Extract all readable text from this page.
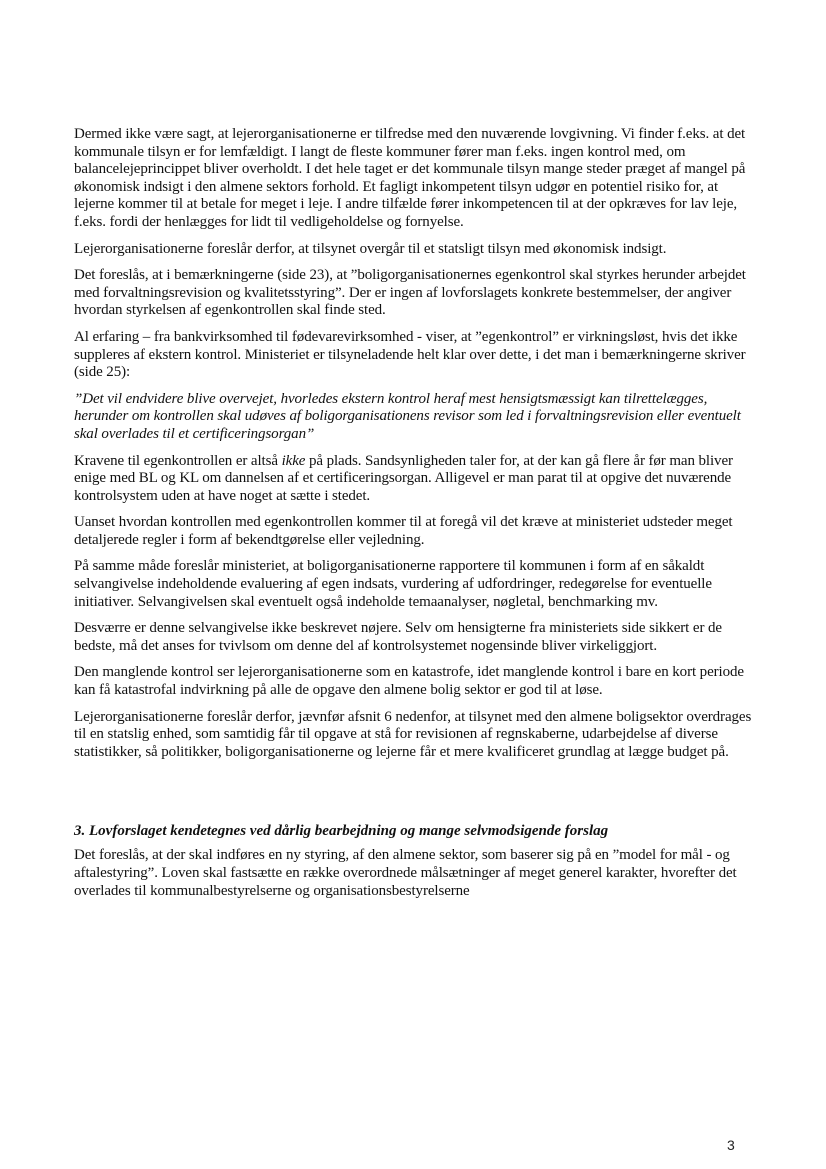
Dermed ikke være sagt, at lejerorganisationerne er tilfredse med den nuværende lovgivning. Vi finder f.eks. at det kommunale tilsyn er for lemfældigt. I langt de fleste kommuner fører man f.eks. ingen kontrol med, om balancelejeprincippet bliver overholdt. I det hele taget er det kommunale tilsyn mange steder præget af mangel på økonomisk indsigt i den almene sektors forhold. Et fagligt inkompetent tilsyn udgør en potentiel risiko for, at lejerne kommer til at betale for meget i leje. I andre tilfælde fører inkompetencen til at der opkræves for lav leje, f.eks. fordi der henlægges for lidt til vedligeholdelse og fornyelse.

Lejerorganisationerne foreslår derfor, at tilsynet overgår til et statsligt tilsyn med økonomisk indsigt.

Det foreslås, at i bemærkningerne (side 23), at ”boligorganisationernes egenkontrol skal styrkes herunder arbejdet med forvaltningsrevision og kvalitetsstyring”. Der er ingen af lovforslagets konkrete bestemmelser, der angiver hvordan styrkelsen af egenkontrollen skal finde sted.

Al erfaring – fra bankvirksomhed til fødevarevirksomhed - viser, at ”egenkontrol” er virkningsløst, hvis det ikke suppleres af ekstern kontrol. Ministeriet er tilsyneladende helt klar over dette, i det man i bemærkningerne skriver (side 25):

”Det vil endvidere blive overvejet, hvorledes ekstern kontrol heraf mest hensigtsmæssigt kan tilrettelægges, herunder om kontrollen skal udøves af boligorganisationens revisor som led i forvaltningsrevision eller eventuelt skal overlades til et certificeringsorgan”

Kravene til egenkontrollen er altså ikke på plads. Sandsynligheden taler for, at der kan gå flere år før man bliver enige med BL og KL om dannelsen af et certificeringsorgan. Alligevel er man parat til at opgive det nuværende kontrolsystem uden at have noget at sætte i stedet.

Uanset hvordan kontrollen med egenkontrollen kommer til at foregå vil det kræve at ministeriet udsteder meget detaljerede regler i form af bekendtgørelse eller vejledning.

På samme måde foreslår ministeriet, at boligorganisationerne rapportere til kommunen i form af en såkaldt selvangivelse indeholdende evaluering af egen indsats, vurdering af udfordringer, redegørelse for eventuelle initiativer. Selvangivelsen skal eventuelt også indeholde temaanalyser, nøgletal, benchmarking mv.

Desværre er denne selvangivelse ikke beskrevet nøjere. Selv om hensigterne fra ministeriets side sikkert er de bedste, må det anses for tvivlsom om denne del af kontrolsystemet nogensinde bliver virkeliggjort.

Den manglende kontrol ser lejerorganisationerne som en katastrofe, idet manglende kontrol i bare en kort periode kan få katastrofal indvirkning på alle de opgave den almene bolig sektor er god til at løse.

Lejerorganisationerne foreslår derfor, jævnfør afsnit 6 nedenfor, at tilsynet med den almene boligsektor overdrages til en statslig enhed, som samtidig får til opgave at stå for revisionen af regnskaberne, udarbejdelse af diverse statistikker, så politikker, boligorganisationerne og lejerne får et mere kvalificeret grundlag at lægge budget på.

3. Lovforslaget kendetegnes ved dårlig bearbejdning og mange selvmodsigende forslag

Det foreslås, at der skal indføres en ny styring, af den almene sektor, som baserer sig på en ”model for mål - og aftalestyring”. Loven skal fastsætte en række overordnede målsætninger af meget generel karakter, hvorefter det overlades til kommunalbestyrelserne og organisationsbestyrelserne

3
